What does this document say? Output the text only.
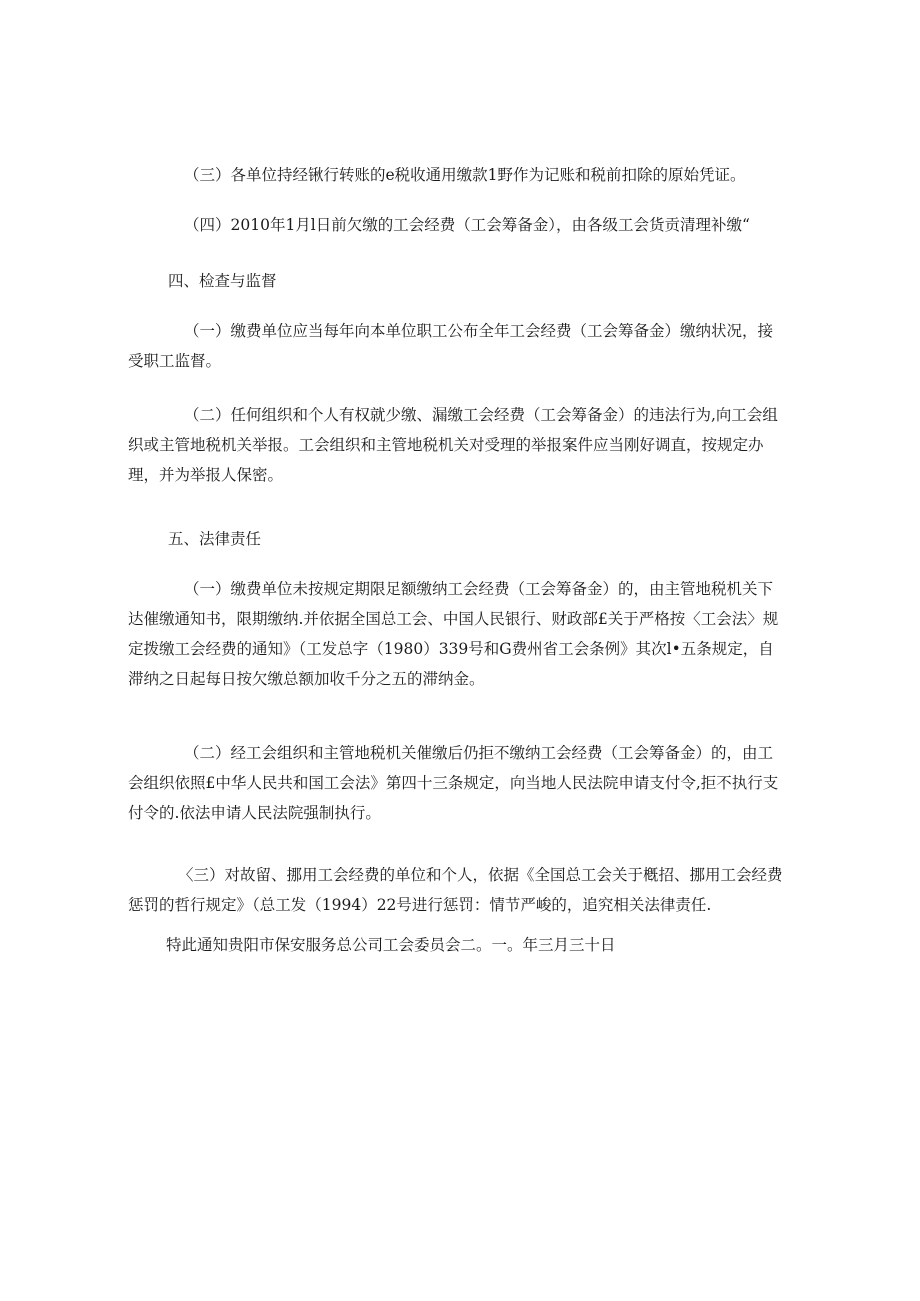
（三）各单位持经锹行转账的e税收通用缴款1野作为记账和税前扣除的原始凭证。

（四）2010年1月l日前欠缴的工会经费（工会筹备金），由各级工会货贡清理补缴“

四、检查与监督

（一）缴费单位应当每年向本单位职工公布全年工会经费（工会筹备金）缴纳状况，接受职工监督。

（二）任何组织和个人有权就少缴、漏缴工会经费（工会筹备金）的违法行为,向工会组织或主管地税机关举报。工会组织和主管地税机关对受理的举报案件应当刚好调直，按规定办理，并为举报人保密。

五、法律责任

（一）缴费单位未按规定期限足额缴纳工会经费（工会筹备金）的，由主管地税机关下达催缴通知书，限期缴纳.并依据全国总工会、中国人民银行、财政部£关于严格按〈工会法〉规定拨缴工会经费的通知》（工发总字（1980）339号和G费州省工会条例》其次l•五条规定，自滞纳之日起每日按欠缴总额加收千分之五的滞纳金。

（二）经工会组织和主管地税机关催缴后仍拒不缴纳工会经费（工会筹备金）的，由工会组织依照£中华人民共和国工会法》第四十三条规定，向当地人民法院申请支付令,拒不执行支付令的.依法申请人民法院强制执行。

〈三）对故留、挪用工会经费的单位和个人，依据《全国总工会关于槪招、挪用工会经费惩罚的哲行规定》（总工发（1994）22号进行惩罚：情节严峻的，追究相关法律责任.

特此通知贵阳市保安服务总公司工会委员会二。一。年三月三十日
